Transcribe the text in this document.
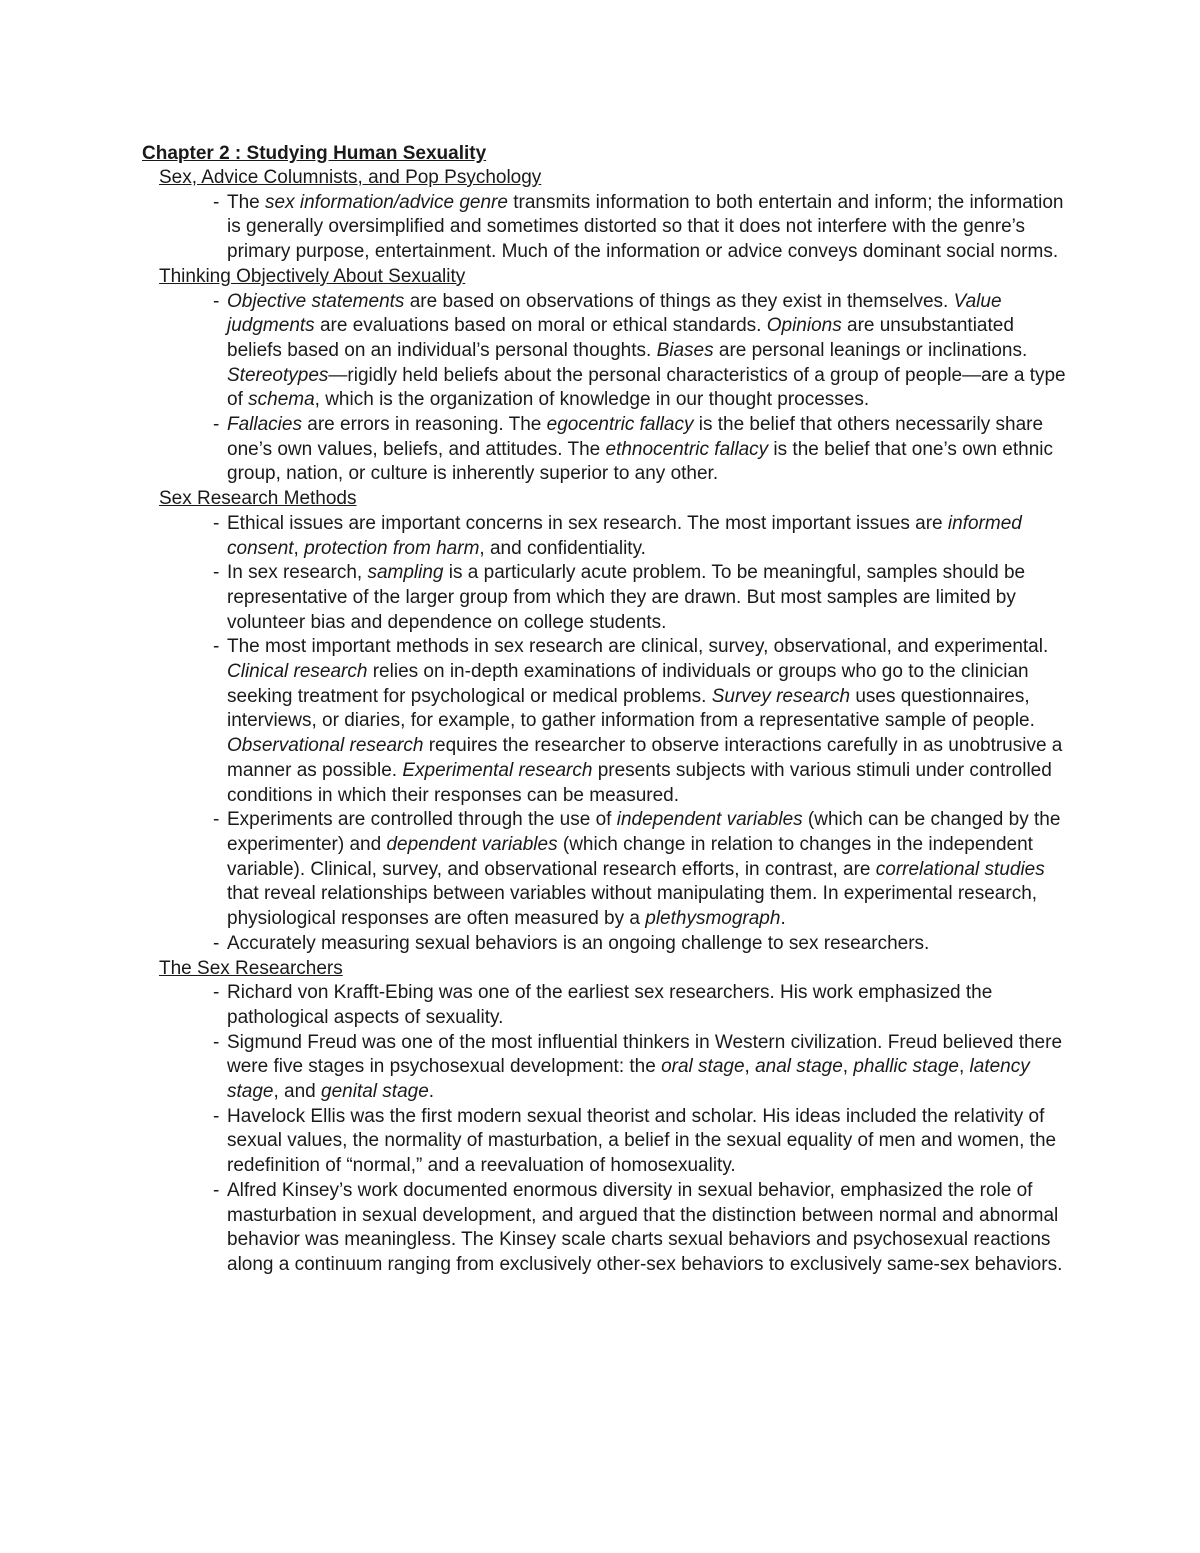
Chapter 2 : Studying Human Sexuality
Sex, Advice Columnists, and Pop Psychology
- The sex information/advice genre transmits information to both entertain and inform; the information is generally oversimplified and sometimes distorted so that it does not interfere with the genre’s primary purpose, entertainment. Much of the information or advice conveys dominant social norms.
Thinking Objectively About Sexuality
- Objective statements are based on observations of things as they exist in themselves. Value judgments are evaluations based on moral or ethical standards. Opinions are unsubstantiated beliefs based on an individual’s personal thoughts. Biases are personal leanings or inclinations. Stereotypes—rigidly held beliefs about the personal characteristics of a group of people—are a type of schema, which is the organization of knowledge in our thought processes.
- Fallacies are errors in reasoning. The egocentric fallacy is the belief that others necessarily share one’s own values, beliefs, and attitudes. The ethnocentric fallacy is the belief that one’s own ethnic group, nation, or culture is inherently superior to any other.
Sex Research Methods
- Ethical issues are important concerns in sex research. The most important issues are informed consent, protection from harm, and confidentiality.
- In sex research, sampling is a particularly acute problem. To be meaningful, samples should be representative of the larger group from which they are drawn. But most samples are limited by volunteer bias and dependence on college students.
- The most important methods in sex research are clinical, survey, observational, and experimental. Clinical research relies on in-depth examinations of individuals or groups who go to the clinician seeking treatment for psychological or medical problems. Survey research uses questionnaires, interviews, or diaries, for example, to gather information from a representative sample of people. Observational research requires the researcher to observe interactions carefully in as unobtrusive a manner as possible. Experimental research presents subjects with various stimuli under controlled conditions in which their responses can be measured.
- Experiments are controlled through the use of independent variables (which can be changed by the experimenter) and dependent variables (which change in relation to changes in the independent variable). Clinical, survey, and observational research efforts, in contrast, are correlational studies that reveal relationships between variables without manipulating them. In experimental research, physiological responses are often measured by a plethysmograph.
- Accurately measuring sexual behaviors is an ongoing challenge to sex researchers.
The Sex Researchers
- Richard von Krafft-Ebing was one of the earliest sex researchers. His work emphasized the pathological aspects of sexuality.
- Sigmund Freud was one of the most influential thinkers in Western civilization. Freud believed there were five stages in psychosexual development: the oral stage, anal stage, phallic stage, latency stage, and genital stage.
- Havelock Ellis was the first modern sexual theorist and scholar. His ideas included the relativity of sexual values, the normality of masturbation, a belief in the sexual equality of men and women, the redefinition of “normal,” and a reevaluation of homosexuality.
- Alfred Kinsey’s work documented enormous diversity in sexual behavior, emphasized the role of masturbation in sexual development, and argued that the distinction between normal and abnormal behavior was meaningless. The Kinsey scale charts sexual behaviors and psychosexual reactions along a continuum ranging from exclusively other-sex behaviors to exclusively same-sex behaviors.
